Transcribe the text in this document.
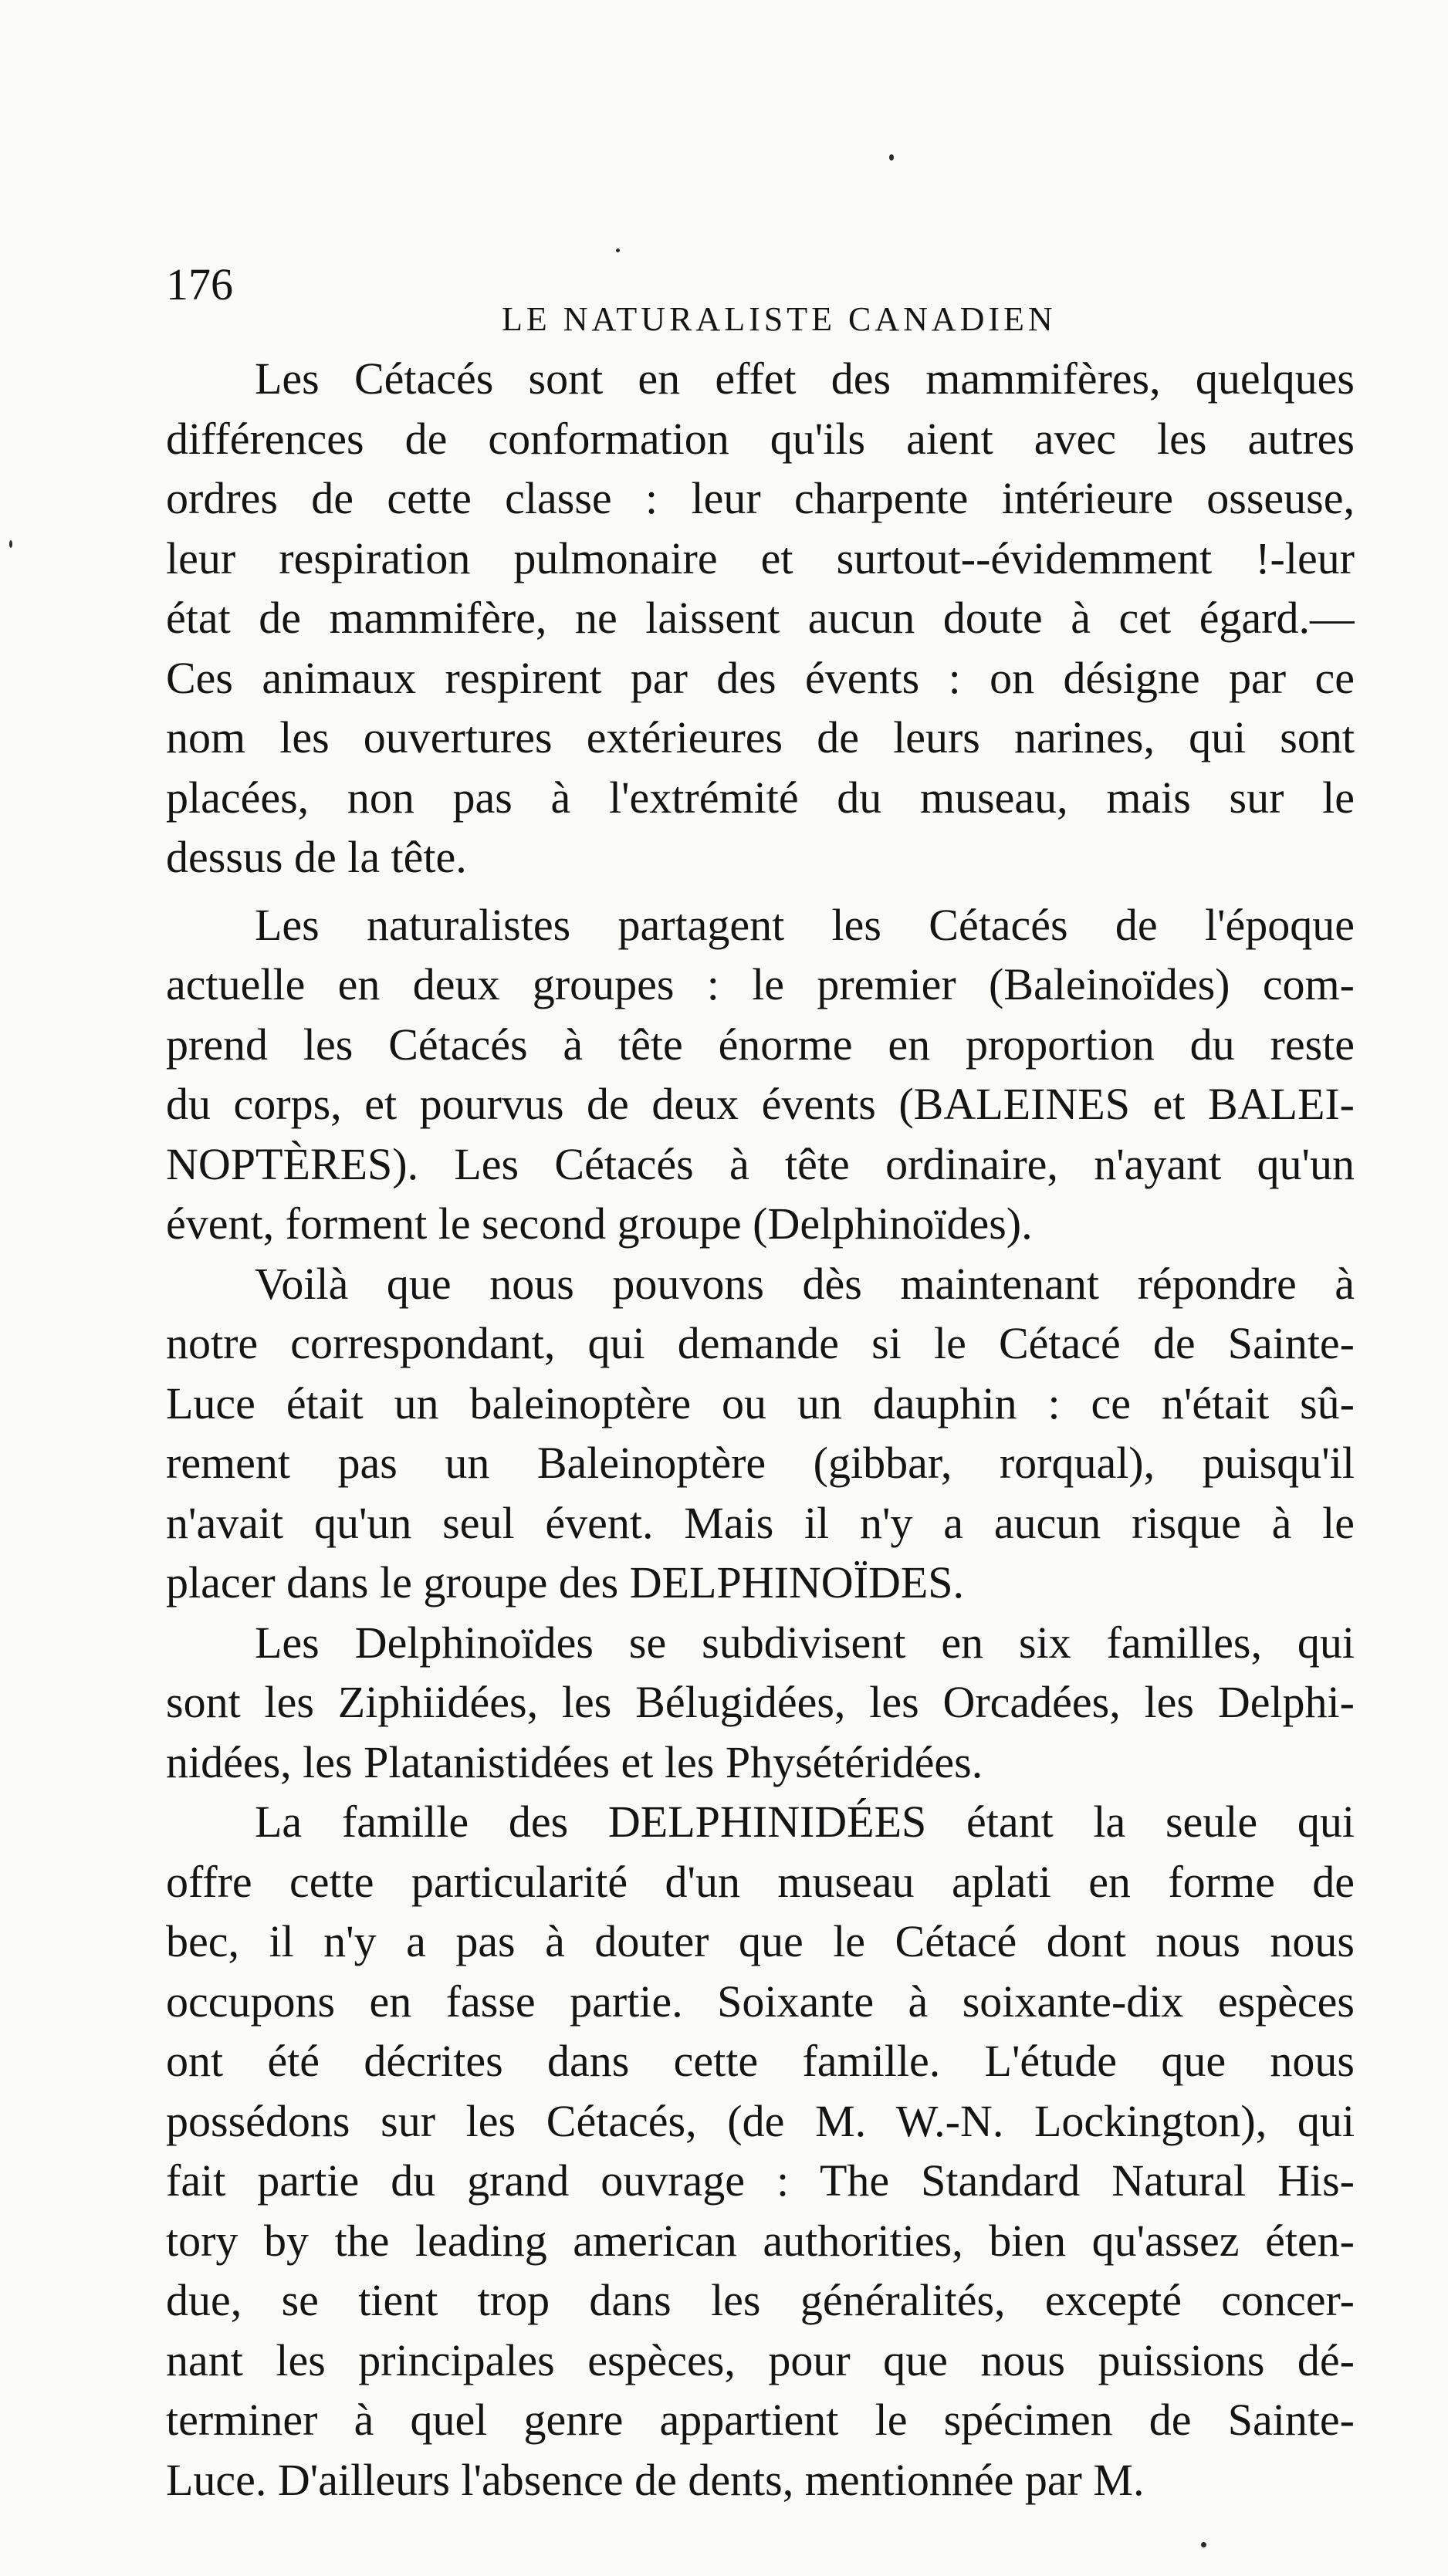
176
LE NATURALISTE CANADIEN
Les Cétacés sont en effet des mammifères, quelques
différences de conformation qu'ils aient avec les autres
ordres de cette classe : leur charpente intérieure osseuse,
leur respiration pulmonaire et surtout--évidemment !-leur
état de mammifère, ne laissent aucun doute à cet égard.—
Ces animaux respirent par des évents : on désigne par ce
nom les ouvertures extérieures de leurs narines, qui sont
placées, non pas à l'extrémité du museau, mais sur le
dessus de la tête.
Les naturalistes partagent les Cétacés de l'époque
actuelle en deux groupes : le premier (Baleinoïdes) com-
prend les Cétacés à tête énorme en proportion du reste
du corps, et pourvus de deux évents (BALEINES et BALEI-
NOPTÈRES). Les Cétacés à tête ordinaire, n'ayant qu'un
évent, forment le second groupe (Delphinoïdes).
Voilà que nous pouvons dès maintenant répondre à
notre correspondant, qui demande si le Cétacé de Sainte-
Luce était un baleinoptère ou un dauphin : ce n'était sû-
rement pas un Baleinoptère (gibbar, rorqual), puisqu'il
n'avait qu'un seul évent. Mais il n'y a aucun risque à le
placer dans le groupe des DELPHINOÏDES.
Les Delphinoïdes se subdivisent en six familles, qui
sont les Ziphiidées, les Bélugidées, les Orcadées, les Delphi-
nidées, les Platanistidées et les Physétéridées.
La famille des DELPHINIDÉES étant la seule qui
offre cette particularité d'un museau aplati en forme de
bec, il n'y a pas à douter que le Cétacé dont nous nous
occupons en fasse partie. Soixante à soixante-dix espèces
ont été décrites dans cette famille. L'étude que nous
possédons sur les Cétacés, (de M. W.-N. Lockington), qui
fait partie du grand ouvrage : The Standard Natural His-
tory by the leading american authorities, bien qu'assez éten-
due, se tient trop dans les généralités, excepté concer-
nant les principales espèces, pour que nous puissions dé-
terminer à quel genre appartient le spécimen de Sainte-
Luce. D'ailleurs l'absence de dents, mentionnée par M.
